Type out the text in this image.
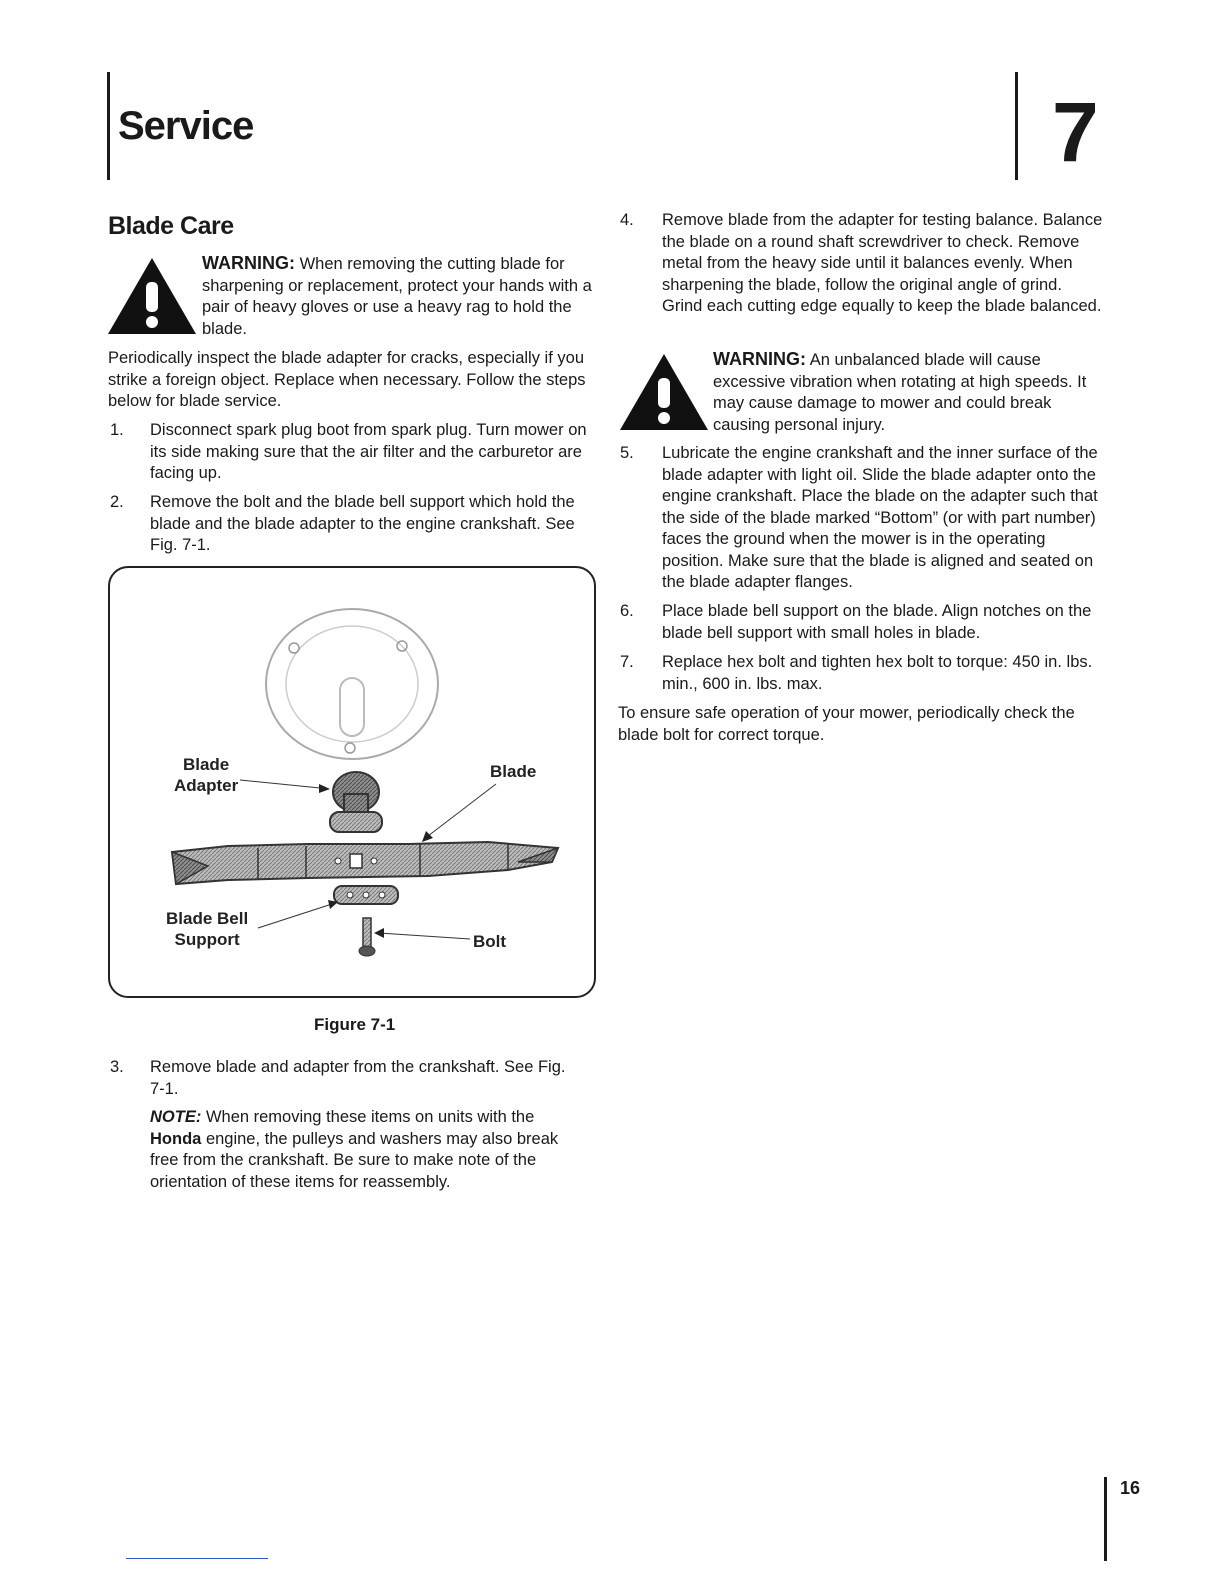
Service	7
Blade Care
WARNING: When removing the cutting blade for sharpening or replacement, protect your hands with a pair of heavy gloves or use a heavy rag to hold the blade.
Periodically inspect the blade adapter for cracks, especially if you strike a foreign object. Replace when necessary. Follow the steps below for blade service.
1. Disconnect spark plug boot from spark plug. Turn mower on its side making sure that the air filter and the carburetor are facing up.
2. Remove the bolt and the blade bell support which hold the blade and the blade adapter to the engine crankshaft. See Fig. 7-1.
Blade
Adapter
Blade
Blade Bell
Support	Bolt
Figure 7-1
3. Remove blade and adapter from the crankshaft. See Fig. 7-1.
NOTE: When removing these items on units with the Honda engine, the pulleys and washers may also break free from the crankshaft. Be sure to make note of the orientation of these items for reassembly.
4. Remove blade from the adapter for testing balance. Balance the blade on a round shaft screwdriver to check. Remove metal from the heavy side until it balances evenly. When sharpening the blade, follow the original angle of grind. Grind each cutting edge equally to keep the blade balanced.
WARNING: An unbalanced blade will cause excessive vibration when rotating at high speeds. It may cause damage to mower and could break causing personal injury.
5. Lubricate the engine crankshaft and the inner surface of the blade adapter with light oil. Slide the blade adapter onto the engine crankshaft. Place the blade on the adapter such that the side of the blade marked “Bottom” (or with part number) faces the ground when the mower is in the operating position. Make sure that the blade is aligned and seated on the blade adapter flanges.
6. Place blade bell support on the blade. Align notches on the blade bell support with small holes in blade.
7. Replace hex bolt and tighten hex bolt to torque: 450 in. lbs. min., 600 in. lbs. max.
To ensure safe operation of your mower, periodically check the blade bolt for correct torque.
16
